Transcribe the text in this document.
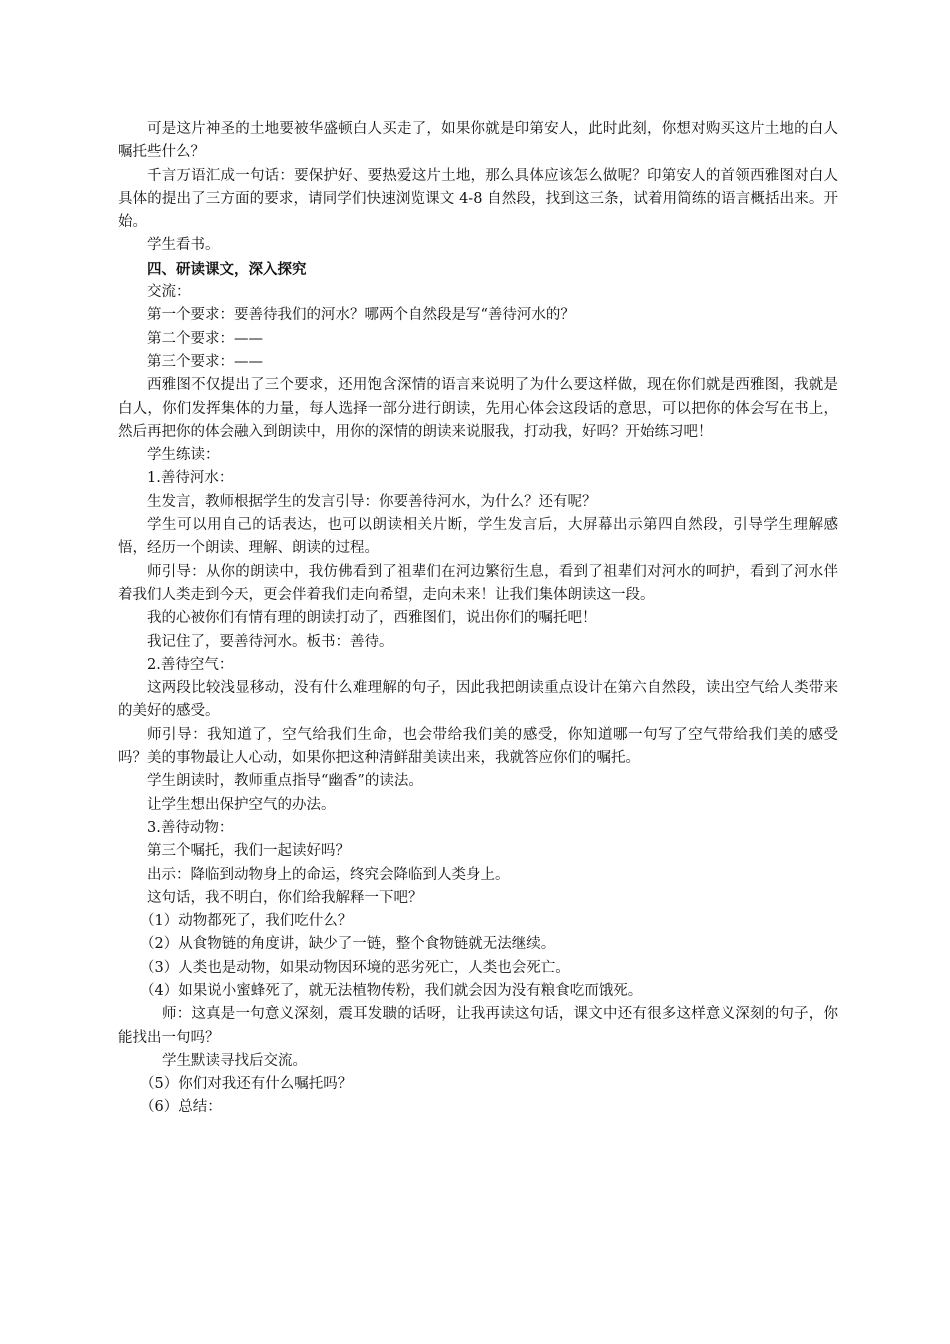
可是这片神圣的土地要被华盛顿白人买走了，如果你就是印第安人，此时此刻，你想对购买这片土地的白人嘱托些什么？

千言万语汇成一句话：要保护好、要热爱这片土地，那么具体应该怎么做呢？印第安人的首领西雅图对白人具体的提出了三方面的要求，请同学们快速浏览课文 4-8 自然段，找到这三条，试着用简练的语言概括出来。开始。

学生看书。

四、研读课文，深入探究

交流：

第一个要求：要善待我们的河水？哪两个自然段是写“善待河水的？

第二个要求：——

第三个要求：——

西雅图不仅提出了三个要求，还用饱含深情的语言来说明了为什么要这样做，现在你们就是西雅图，我就是白人，你们发挥集体的力量，每人选择一部分进行朗读，先用心体会这段话的意思，可以把你的体会写在书上，然后再把你的体会融入到朗读中，用你的深情的朗读来说服我，打动我，好吗？开始练习吧！

学生练读：

1.善待河水：

生发言，教师根据学生的发言引导：你要善待河水，为什么？还有呢？

学生可以用自己的话表达，也可以朗读相关片断，学生发言后，大屏幕出示第四自然段，引导学生理解感悟，经历一个朗读、理解、朗读的过程。

师引导：从你的朗读中，我仿佛看到了祖辈们在河边繁衍生息，看到了祖辈们对河水的呵护，看到了河水伴着我们人类走到今天，更会伴着我们走向希望，走向未来！让我们集体朗读这一段。

我的心被你们有情有理的朗读打动了，西雅图们，说出你们的嘱托吧！

我记住了，要善待河水。板书：善待。

2.善待空气：

这两段比较浅显移动，没有什么难理解的句子，因此我把朗读重点设计在第六自然段，读出空气给人类带来的美好的感受。

师引导：我知道了，空气给我们生命，也会带给我们美的感受，你知道哪一句写了空气带给我们美的感受吗？美的事物最让人心动，如果你把这种清鲜甜美读出来，我就答应你们的嘱托。

学生朗读时，教师重点指导“幽香”的读法。

让学生想出保护空气的办法。

3.善待动物：

第三个嘱托，我们一起读好吗？

出示：降临到动物身上的命运，终究会降临到人类身上。

这句话，我不明白，你们给我解释一下吧？

（1）动物都死了，我们吃什么？

（2）从食物链的角度讲，缺少了一链，整个食物链就无法继续。

（3）人类也是动物，如果动物因环境的恶劣死亡，人类也会死亡。

（4）如果说小蜜蜂死了，就无法植物传粉，我们就会因为没有粮食吃而饿死。

师：这真是一句意义深刻，震耳发聩的话呀，让我再读这句话，课文中还有很多这样意义深刻的句子，你能找出一句吗？

学生默读寻找后交流。

（5）你们对我还有什么嘱托吗？

（6）总结：
